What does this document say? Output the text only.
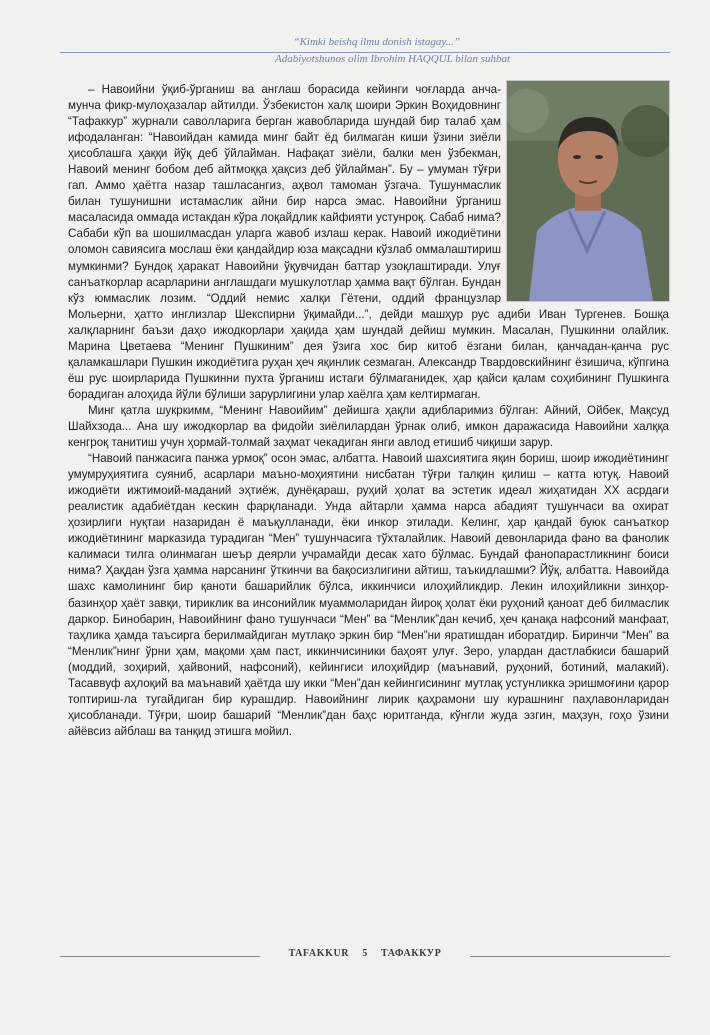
“Kimki beishq ilmu donish istagay...”
Adabiyotshunos olim Ibrohim HAQQUL bilan suhbat

– Навоийни ўқиб-ўрганиш ва англаш борасида кейинги чоғларда анча-мунча фикр-мулоҳазалар айтилди. Ўзбекистон халқ шоири Эркин Воҳидовнинг “Тафаккур” журнали саволларига берган жавобларида шундай бир талаб ҳам ифодаланган: “Навоийдан камида минг байт ёд билмаган киши ўзини зиёли ҳисоблашга ҳаққи йўқ деб ўйлайман. Нафақат зиёли, балки мен ўзбекман, Навоий менинг бобом деб айтмоққа ҳақсиз деб ўйлайман”. Бу – умуман тўғри гап. Аммо ҳаётга назар ташласангиз, аҳвол тамоман ўзгача. Тушунмаслик билан тушунишни истамаслик айни бир нарса эмас. Навоийни ўрганиш масаласида оммада истакдан кўра лоқайдлик кайфияти устунроқ. Сабаб нима? Сабаби кўп ва шошилмасдан уларга жавоб излаш керак. Навоий ижодиётини оломон савиясига мослаш ёки қандайдир юза мақсадни кўзлаб оммалаштириш мумкинми? Бундоқ ҳаракат Навоийни ўқувчидан баттар узоқлаштиради. Улуғ санъаткорлар асарларини англашдаги мушкулотлар ҳамма вақт бўлган. Бундан кўз юммаслик лозим. “Оддий немис халқи Гётени, оддий французлар Мольерни, ҳатто инглизлар Шекспирни ўқимайди...”, дейди машҳур рус адиби Иван Тургенев. Бошқа халқларнинг баъзи даҳо ижодкорлари ҳақида ҳам шундай дейиш мумкин. Масалан, Пушкинни олайлик. Марина Цветаева “Менинг Пушкиним” дея ўзига хос бир китоб ёзгани билан, қанчадан-қанча рус қаламкашлари Пушкин ижодиётига руҳан ҳеч яқинлик сезмаган. Александр Твардовскийнинг ёзишича, кўпгина ёш рус шоирларида Пушкинни пухта ўрганиш истаги бўлмаганидек, ҳар қайси қалам соҳибининг Пушкинга борадиган алоҳида йўли бўлиши зарурлигини улар хаёлга ҳам келтирмаган.

Минг қатла шукркимм, “Менинг Навоийим” дейишга ҳақли адибларимиз бўлган: Айний, Ойбек, Мақсуд Шайхзода... Ана шу ижодкорлар ва фидойи зиёлилардан ўрнак олиб, имкон даражасида Навоийни халққа кенгроқ танитиш учун ҳормай-толмай заҳмат чекадиган янги авлод етишиб чиқиши зарур.

“Навоий панжасига панжа урмоқ” осон эмас, албатта. Навоий шахсиятига яқин бориш, шоир ижодиётининг умумруҳиятига суяниб, асарлари маъно-моҳиятини нисбатан тўғри талқин қилиш – катта ютуқ. Навоий ижодиёти ижтимоий-маданий эҳтиёж, дунёқараш, руҳий ҳолат ва эстетик идеал жиҳатидан ХХ асрдаги реалистик адабиётдан кескин фарқланади. Унда айтарли ҳамма нарса абадият тушунчаси ва охират ҳозирлиги нуқтаи назаридан ё маъқулланади, ёки инкор этилади. Келинг, ҳар қандай буюк санъаткор ижодиётининг марказида турадиган “Мен” тушунчасига тўхталайлик. Навоий девонларида фано ва фанолик калимаси тилга олинмаган шеър деярли учрамайди десак хато бўлмас. Бундай фанопарастликнинг боиси нима? Ҳақдан ўзга ҳамма нарсанинг ўткинчи ва бақосизлигини айтиш, таъкидлашми? Йўқ, албатта. Навоийда шахс камолининг бир қаноти башарийлик бўлса, иккинчиси илоҳийликдир. Лекин илоҳийликни зинҳор-базинҳор ҳаёт завқи, тириклик ва инсонийлик муаммоларидан йироқ ҳолат ёки руҳоний қаноат деб билмаслик даркор. Бинобарин, Навоийнинг фано тушунчаси “Мен” ва “Менлик”дан кечиб, ҳеч қанақа нафсоний манфаат, таҳлика ҳамда таъсирга берилмайдиган мутлақо эркин бир “Мен”ни яратишдан иборатдир. Биринчи “Мен” ва “Менлик”нинг ўрни ҳам, мақоми ҳам паст, иккинчисиники баҳоят улуғ. Зеро, улардан дастлабкиси башарий (моддий, зоҳирий, ҳайвоний, нафсоний), кейингиси илоҳийдир (маънавий, руҳоний, ботиний, малакий). Тасаввуф аҳлоқий ва маънавий ҳаётда шу икки “Мен”дан кейингисининг мутлақ устунликка эришмоғини қарор топтириш-ла тугайдиган бир курашдир. Навоийнинг лирик қаҳрамони шу курашнинг паҳлавонларидан ҳисобланади. Тўғри, шоир башарий “Менлик”дан баҳс юритганда, кўнгли жуда эзгин, маҳзун, гоҳо ўзини айёвсиз айблаш ва танқид этишга мойил.

TAFAKKUR 5 ТАФАККУР
